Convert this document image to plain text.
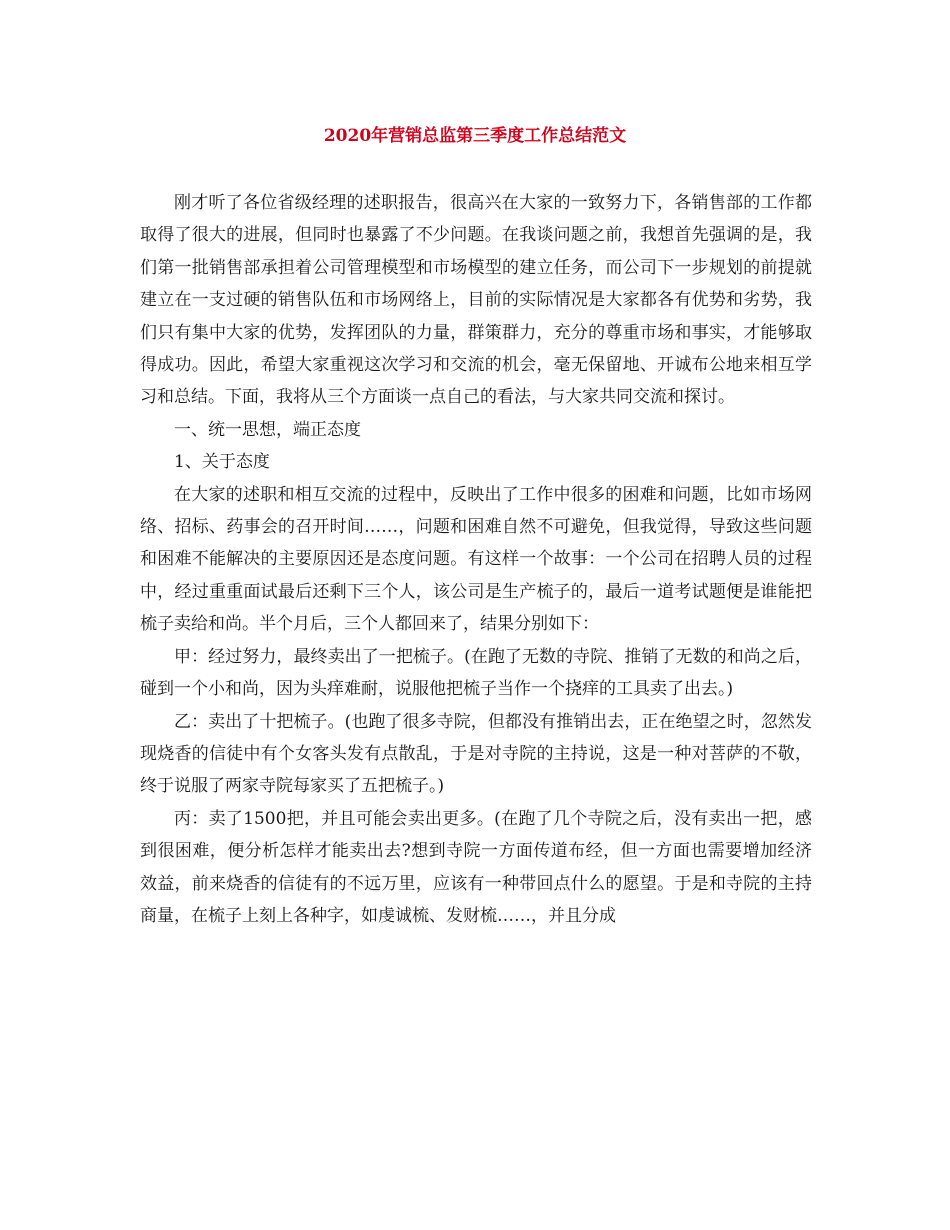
2020年营销总监第三季度工作总结范文

刚才听了各位省级经理的述职报告，很高兴在大家的一致努力下，各销售部的工作都取得了很大的进展，但同时也暴露了不少问题。在我谈问题之前，我想首先强调的是，我们第一批销售部承担着公司管理模型和市场模型的建立任务，而公司下一步规划的前提就建立在一支过硬的销售队伍和市场网络上，目前的实际情况是大家都各有优势和劣势，我们只有集中大家的优势，发挥团队的力量，群策群力，充分的尊重市场和事实，才能够取得成功。因此，希望大家重视这次学习和交流的机会，毫无保留地、开诚布公地来相互学习和总结。下面，我将从三个方面谈一点自己的看法，与大家共同交流和探讨。

一、统一思想，端正态度

1、关于态度

在大家的述职和相互交流的过程中，反映出了工作中很多的困难和问题，比如市场网络、招标、药事会的召开时间……，问题和困难自然不可避免，但我觉得，导致这些问题和困难不能解决的主要原因还是态度问题。有这样一个故事：一个公司在招聘人员的过程中，经过重重面试最后还剩下三个人，该公司是生产梳子的，最后一道考试题便是谁能把梳子卖给和尚。半个月后，三个人都回来了，结果分别如下：

甲：经过努力，最终卖出了一把梳子。(在跑了无数的寺院、推销了无数的和尚之后，碰到一个小和尚，因为头痒难耐，说服他把梳子当作一个挠痒的工具卖了出去。)

乙：卖出了十把梳子。(也跑了很多寺院，但都没有推销出去，正在绝望之时，忽然发现烧香的信徒中有个女客头发有点散乱，于是对寺院的主持说，这是一种对菩萨的不敬，终于说服了两家寺院每家买了五把梳子。)

丙：卖了1500把，并且可能会卖出更多。(在跑了几个寺院之后，没有卖出一把，感到很困难，便分析怎样才能卖出去?想到寺院一方面传道布经，但一方面也需要增加经济效益，前来烧香的信徒有的不远万里，应该有一种带回点什么的愿望。于是和寺院的主持商量，在梳子上刻上各种字，如虔诚梳、发财梳……，并且分成
